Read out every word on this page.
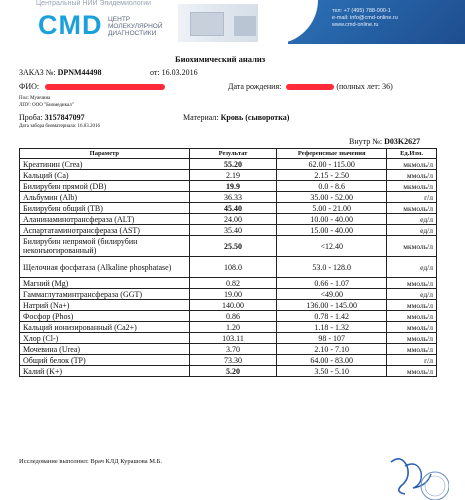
Центральный НИИ Эпидемиологии
CMD ЦЕНТР
МОЛЕКУЛЯРНОЙ
ДИАГНОСТИКИ
тел: +7 (495) 788-000-1
e-mail: info@cmd-online.ru
www.cmd-online.ru
Биохимический анализ
ЗАКАЗ №: DPNM44498	от: 16.03.2016
ФИО:	Дата рождения:	(полных лет: 36)
Пол: Мужчина
ЛПУ: ООО "Биомедикал"
Проба: 3157847097	Материал: Кровь (сыворотка)
Дата забора биоматериала: 16.03.2016
Внутр №: D03K2627
Параметр	Результат	Референсные значения	Ед.Изм.
Креатинин (Crea)	55.20	62.00 - 115.00	мкмоль/л
Кальций (Ca)	2.19	2.15 - 2.50	ммоль/л
Билирубин прямой (DB)	19.9	0.0 - 8.6	мкмоль/л
Альбумин (Alb)	36.33	35.00 - 52.00	г/л
Билирубин общий (TB)	45.40	5.00 - 21.00	мкмоль/л
Аланинаминотрансфераза (ALT)	24.00	10.00 - 40.00	ед/л
Аспартатаминотрансфераза (AST)	35.40	15.00 - 40.00	ед/л
Билирубин непрямой (билирубин неконъюгированный)	25.50	<12.40	мкмоль/л
Щелочная фосфатаза (Alkaline phosphatase)	108.0	53.0 - 128.0	ед/л
Магний (Mg)	0.82	0.66 - 1.07	ммоль/л
Гаммаглутаминтрансфераза (GGT)	19.00	<49.00	ед/л
Натрий (Na+)	140.00	136.00 - 145.00	ммоль/л
Фосфор (Phos)	0.86	0.78 - 1.42	ммоль/л
Кальций ионизированный (Ca2+)	1.20	1.18 - 1.32	ммоль/л
Хлор (Cl-)	103.11	98 - 107	ммоль/л
Мочевина (Urea)	3.70	2.10 - 7.10	ммоль/л
Общий белок (TP)	73.30	64.00 - 83.00	г/л
Калий (K+)	5.20	3.50 - 5.10	ммоль/л
Исследование выполнил: Врач КЛД Курашова М.Б.
